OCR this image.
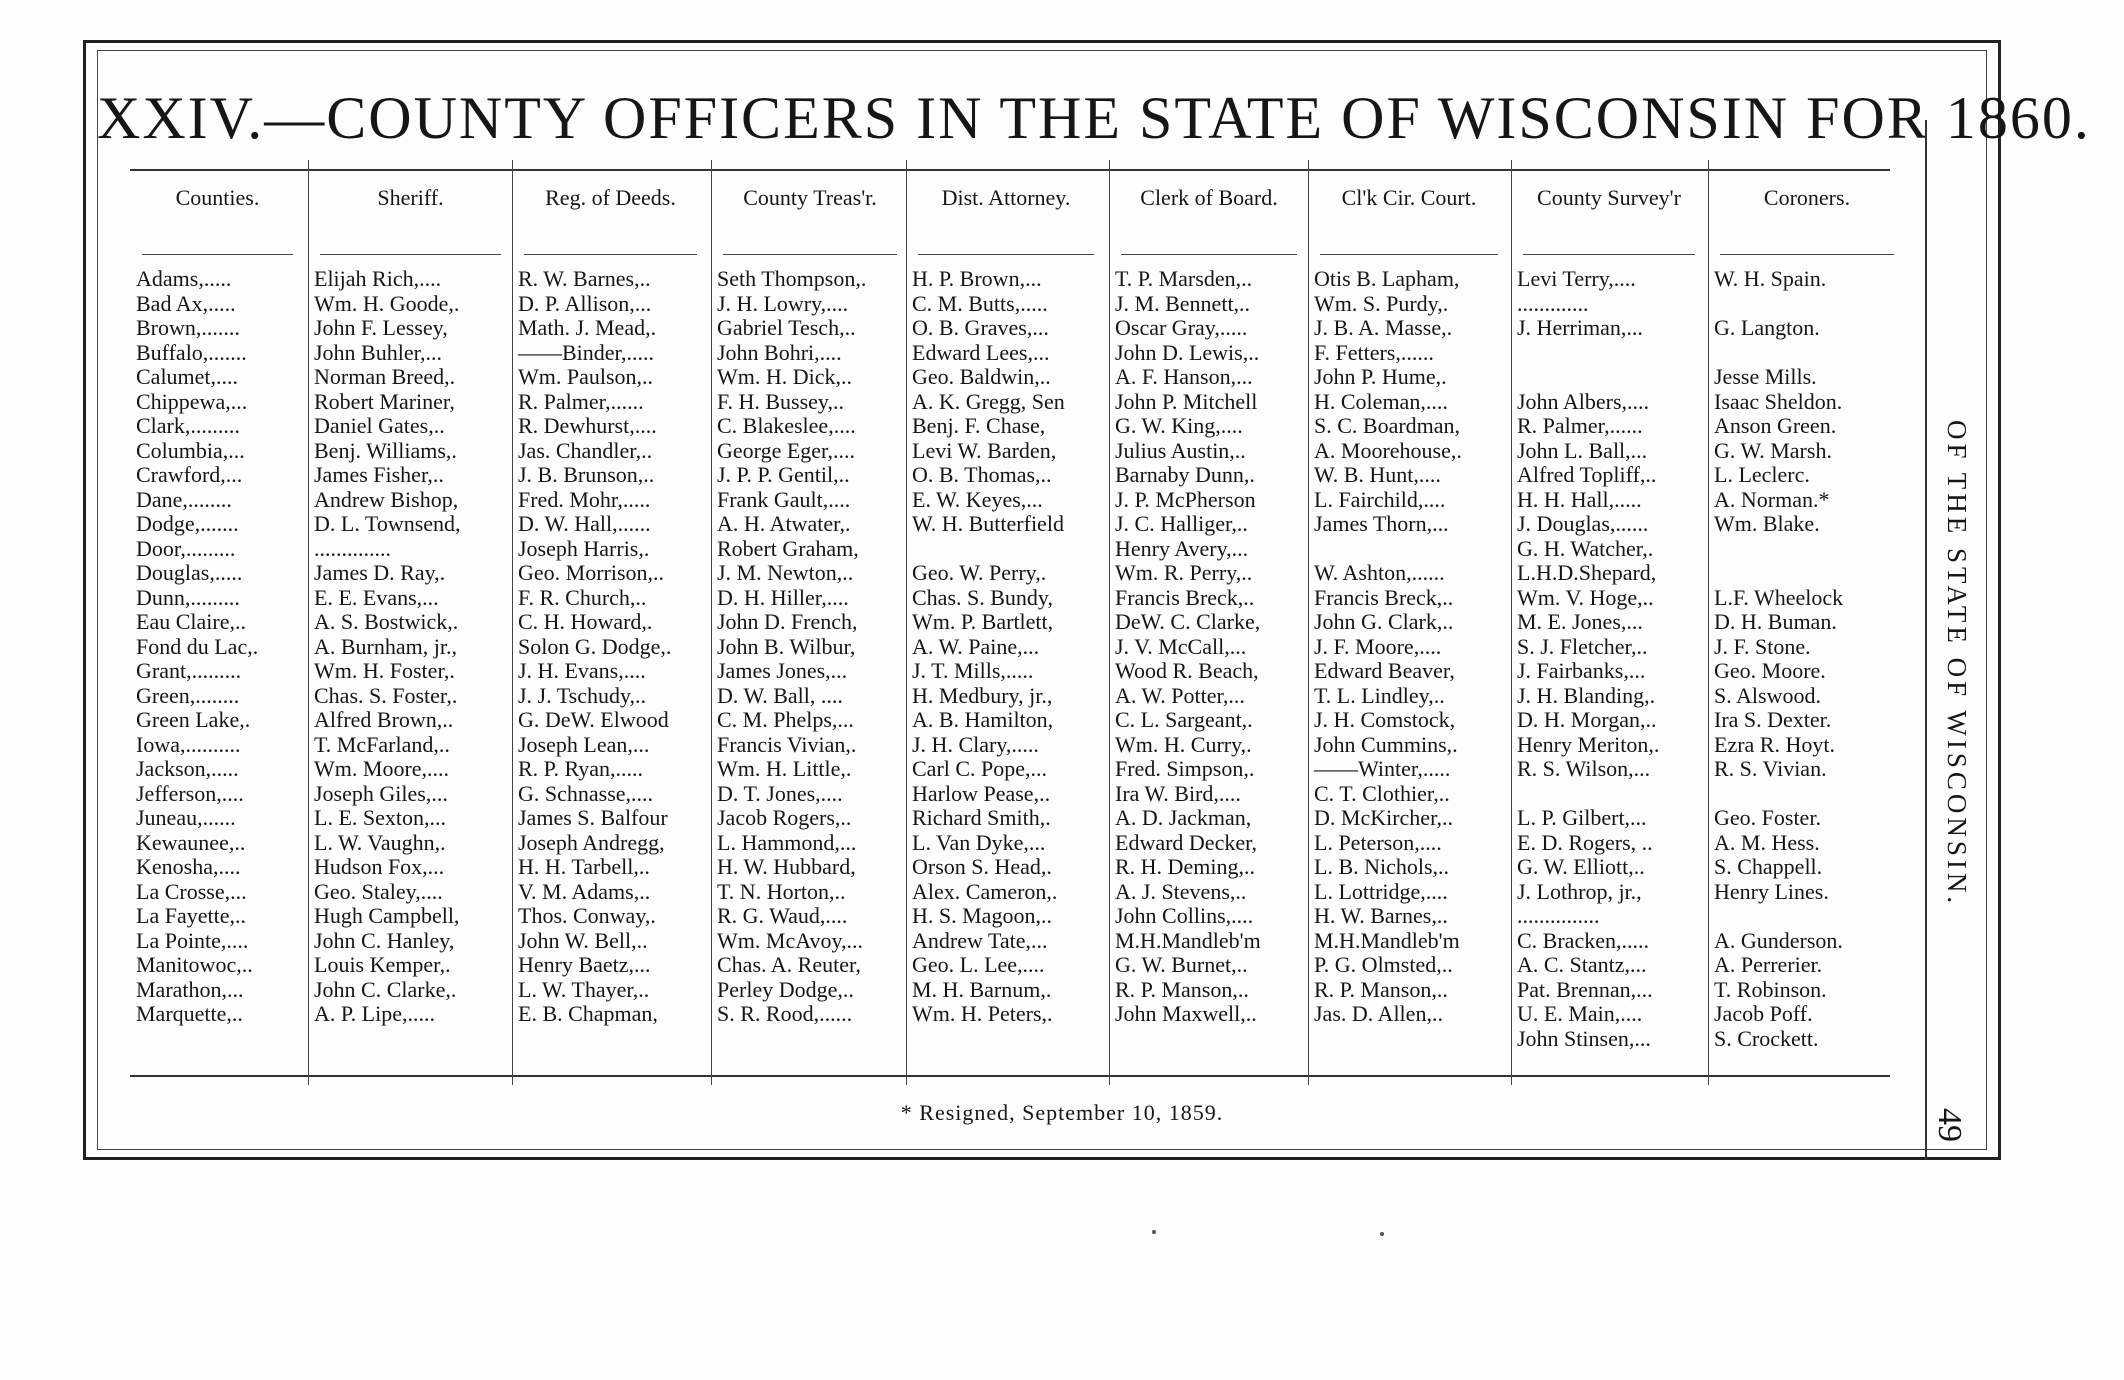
XXIV.—COUNTY OFFICERS IN THE STATE OF WISCONSIN FOR 1860.
Counties.
Adams,.....
Bad Ax,.....
Brown,.......
Buffalo,.......
Calumet,....
Chippewa,...
Clark,.........
Columbia,...
Crawford,...
Dane,........
Dodge,.......
Door,.........
Douglas,.....
Dunn,.........
Eau Claire,..
Fond du Lac,.
Grant,.........
Green,........
Green Lake,.
Iowa,..........
Jackson,.....
Jefferson,....
Juneau,......
Kewaunee,..
Kenosha,....
La Crosse,...
La Fayette,..
La Pointe,....
Manitowoc,..
Marathon,...
Marquette,..
Sheriff.
Elijah Rich,....
Wm. H. Goode,.
John F. Lessey,
John Buhler,...
Norman Breed,.
Robert Mariner,
Daniel Gates,..
Benj. Williams,.
James Fisher,..
Andrew Bishop,
D. L. Townsend,
..............
James D. Ray,.
E. E. Evans,...
A. S. Bostwick,.
A. Burnham, jr.,
Wm. H. Foster,.
Chas. S. Foster,.
Alfred Brown,..
T. McFarland,..
Wm. Moore,....
Joseph Giles,...
L. E. Sexton,...
L. W. Vaughn,.
Hudson Fox,...
Geo. Staley,....
Hugh Campbell,
John C. Hanley,
Louis Kemper,.
John C. Clarke,.
A. P. Lipe,.....
Reg. of Deeds.
R. W. Barnes,..
D. P. Allison,...
Math. J. Mead,.
——Binder,.....
Wm. Paulson,..
R. Palmer,......
R. Dewhurst,....
Jas. Chandler,..
J. B. Brunson,..
Fred. Mohr,.....
D. W. Hall,......
Joseph Harris,.
Geo. Morrison,..
F. R. Church,..
C. H. Howard,.
Solon G. Dodge,.
J. H. Evans,....
J. J. Tschudy,..
G. DeW. Elwood
Joseph Lean,...
R. P. Ryan,.....
G. Schnasse,....
James S. Balfour
Joseph Andregg,
H. H. Tarbell,..
V. M. Adams,..
Thos. Conway,.
John W. Bell,..
Henry Baetz,...
L. W. Thayer,..
E. B. Chapman,
County Treas'r.
Seth Thompson,.
J. H. Lowry,....
Gabriel Tesch,..
John Bohri,....
Wm. H. Dick,..
F. H. Bussey,..
C. Blakeslee,....
George Eger,....
J. P. P. Gentil,..
Frank Gault,....
A. H. Atwater,.
Robert Graham,
J. M. Newton,..
D. H. Hiller,....
John D. French,
John B. Wilbur,
James Jones,...
D. W. Ball, ....
C. M. Phelps,...
Francis Vivian,.
Wm. H. Little,.
D. T. Jones,....
Jacob Rogers,..
L. Hammond,...
H. W. Hubbard,
T. N. Horton,..
R. G. Waud,....
Wm. McAvoy,...
Chas. A. Reuter,
Perley Dodge,..
S. R. Rood,......
Dist. Attorney.
H. P. Brown,...
C. M. Butts,.....
O. B. Graves,...
Edward Lees,...
Geo. Baldwin,..
A. K. Gregg, Sen
Benj. F. Chase,
Levi W. Barden,
O. B. Thomas,..
E. W. Keyes,...
W. H. Butterfield
Geo. W. Perry,.
Chas. S. Bundy,
Wm. P. Bartlett,
A. W. Paine,...
J. T. Mills,.....
H. Medbury, jr.,
A. B. Hamilton,
J. H. Clary,.....
Carl C. Pope,...
Harlow Pease,..
Richard Smith,.
L. Van Dyke,...
Orson S. Head,.
Alex. Cameron,.
H. S. Magoon,..
Andrew Tate,...
Geo. L. Lee,....
M. H. Barnum,.
Wm. H. Peters,.
Clerk of Board.
T. P. Marsden,..
J. M. Bennett,..
Oscar Gray,.....
John D. Lewis,..
A. F. Hanson,...
John P. Mitchell
G. W. King,....
Julius Austin,..
Barnaby Dunn,.
J. P. McPherson
J. C. Halliger,..
Henry Avery,...
Wm. R. Perry,..
Francis Breck,..
DeW. C. Clarke,
J. V. McCall,...
Wood R. Beach,
A. W. Potter,...
C. L. Sargeant,.
Wm. H. Curry,.
Fred. Simpson,.
Ira W. Bird,....
A. D. Jackman,
Edward Decker,
R. H. Deming,..
A. J. Stevens,..
John Collins,....
M.H.Mandleb'm
G. W. Burnet,..
R. P. Manson,..
John Maxwell,..
Cl'k Cir. Court.
Otis B. Lapham,
Wm. S. Purdy,.
J. B. A. Masse,.
F. Fetters,......
John P. Hume,.
H. Coleman,....
S. C. Boardman,
A. Moorehouse,.
W. B. Hunt,....
L. Fairchild,....
James Thorn,...
W. Ashton,......
Francis Breck,..
John G. Clark,..
J. F. Moore,....
Edward Beaver,
T. L. Lindley,..
J. H. Comstock,
John Cummins,.
——Winter,.....
C. T. Clothier,..
D. McKircher,..
L. Peterson,....
L. B. Nichols,..
L. Lottridge,....
H. W. Barnes,..
M.H.Mandleb'm
P. G. Olmsted,..
R. P. Manson,..
Jas. D. Allen,..
County Survey'r
Levi Terry,....
.............
J. Herriman,...
John Albers,....
R. Palmer,......
John L. Ball,...
Alfred Topliff,..
H. H. Hall,.....
J. Douglas,......
G. H. Watcher,.
L.H.D.Shepard,
Wm. V. Hoge,..
M. E. Jones,...
S. J. Fletcher,..
J. Fairbanks,...
J. H. Blanding,.
D. H. Morgan,..
Henry Meriton,.
R. S. Wilson,...
L. P. Gilbert,...
E. D. Rogers, ..
G. W. Elliott,..
J. Lothrop, jr.,
...............
C. Bracken,.....
A. C. Stantz,...
Pat. Brennan,...
U. E. Main,....
John Stinsen,...
Coroners.
W. H. Spain.
G. Langton.
Jesse Mills.
Isaac Sheldon.
Anson Green.
G. W. Marsh.
L. Leclerc.
A. Norman.*
Wm. Blake.
L.F. Wheelock
D. H. Buman.
J. F. Stone.
Geo. Moore.
S. Alswood.
Ira S. Dexter.
Ezra R. Hoyt.
R. S. Vivian.
Geo. Foster.
A. M. Hess.
S. Chappell.
Henry Lines.
A. Gunderson.
A. Perrerier.
T. Robinson.
Jacob Poff.
S. Crockett.
* Resigned, September 10, 1859.
OF THE STATE OF WISCONSIN.
49
